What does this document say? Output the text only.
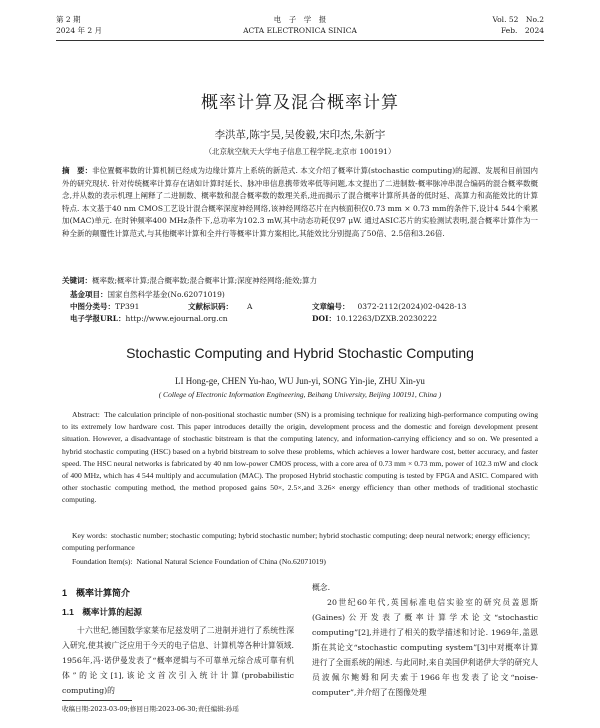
第 2 期
2024 年 2 月
电　子　学　报
ACTA ELECTRONICA SINICA
Vol. 52　No.2
Feb.　2024
概率计算及混合概率计算
李洪革,陈宇昊,吴俊毅,宋印杰,朱新宇
（北京航空航天大学电子信息工程学院,北京市 100191）
摘　要：非位置概率数的计算机制已经成为边缘计算片上系统的新范式. 本文介绍了概率计算(stochastic computing)的起源、发展和目前国内外的研究现状. 针对传统概率计算存在诸如计算时延长、脉冲串信息携带效率低等问题,本文提出了二进制数-概率脉冲串混合编码的混合概率数概念,并从数的表示机理上阐释了二进制数、概率数和混合概率数的数理关系,进而揭示了混合概率计算所具备的低时延、高算力和高能效比的计算特点. 本文基于40 nm CMOS工艺设计混合概率深度神经网络,该神经网络芯片在内核面积仅0.73 mm × 0.73 mm的条件下,设计4 544个乘累加(MAC)单元. 在时钟频率400 MHz条件下,总功率为102.3 mW,其中动态功耗仅97 μW. 通过ASIC芯片的实验测试表明,混合概率计算作为一种全新的颠覆性计算范式,与其他概率计算和全并行等概率计算方案相比,其能效比分别提高了50倍、2.5倍和3.26倍.
关键词：概率数;概率计算;混合概率数;混合概率计算;深度神经网络;能效;算力
基金项目：国家自然科学基金(No.62071019)
中图分类号：TP391	文献标识码： A	文章编号： 0372-2112(2024)02-0428-13
电子学报URL：http://www.ejournal.org.cn	DOI：10.12263/DZXB.20230222
Stochastic Computing and Hybrid Stochastic Computing
LI Hong-ge, CHEN Yu-hao, WU Jun-yi, SONG Yin-jie, ZHU Xin-yu
( College of Electronic Information Engineering, Beihang University, Beijing 100191, China )
Abstract: The calculation principle of non-positional stochastic number (SN) is a promising technique for realizing high-performance computing owing to its extremely low hardware cost. This paper introduces detailly the origin, development process and the domestic and foreign development present situation. However, a disadvantage of stochastic bitstream is that the computing latency, and information-carrying efficiency and so on. We presented a hybrid stochastic computing (HSC) based on a hybrid bitstream to solve these problems, which achieves a lower hardware cost, better accuracy, and faster speed. The HSC neural networks is fabricated by 40 nm low-power CMOS process, with a core area of 0.73 mm × 0.73 mm, power of 102.3 mW and clock of 400 MHz, which has 4 544 multiply and accumulation (MAC). The proposed Hybrid stochastic computing is tested by FPGA and ASIC. Compared with other stochastic computing method, the method proposed gains 50×, 2.5×,and 3.26× energy efficiency than other methods of traditional stochastic computing.
Key words: stochastic number; stochastic computing; hybrid stochastic number; hybrid stochastic computing; deep neural network; energy efficiency; computing performance
Foundation Item(s): National Natural Science Foundation of China (No.62071019)
1　概率计算简介
1.1　概率计算的起源
十六世纪,德国数学家莱布尼兹发明了二进制并进行了系统性深入研究,使其被广泛应用于今天的电子信息、计算机等各种计算领域. 1956年,冯·诺伊曼发表了“概率逻辑与不可靠单元综合成可靠有机体”的论文[1],该论文首次引入统计计算(probabilistic computing)的
概念.
20世纪60年代,英国标准电信实验室的研究员盖恩斯(Gaines)公开发表了概率计算学术论文“stochastic computing”[2],并进行了相关的数学描述和讨论. 1969年,盖恩斯在其论文“stochastic computing system”[3]中对概率计算进行了全面系统的阐述. 与此同时,来自美国伊利诺伊大学的研究人员波佩尔鲍姆和阿夫索于1966年也发表了论文“noise-computer”,并介绍了在图像处理
收稿日期:2023-03-09;修回日期:2023-06-30;责任编辑:孙瑶
